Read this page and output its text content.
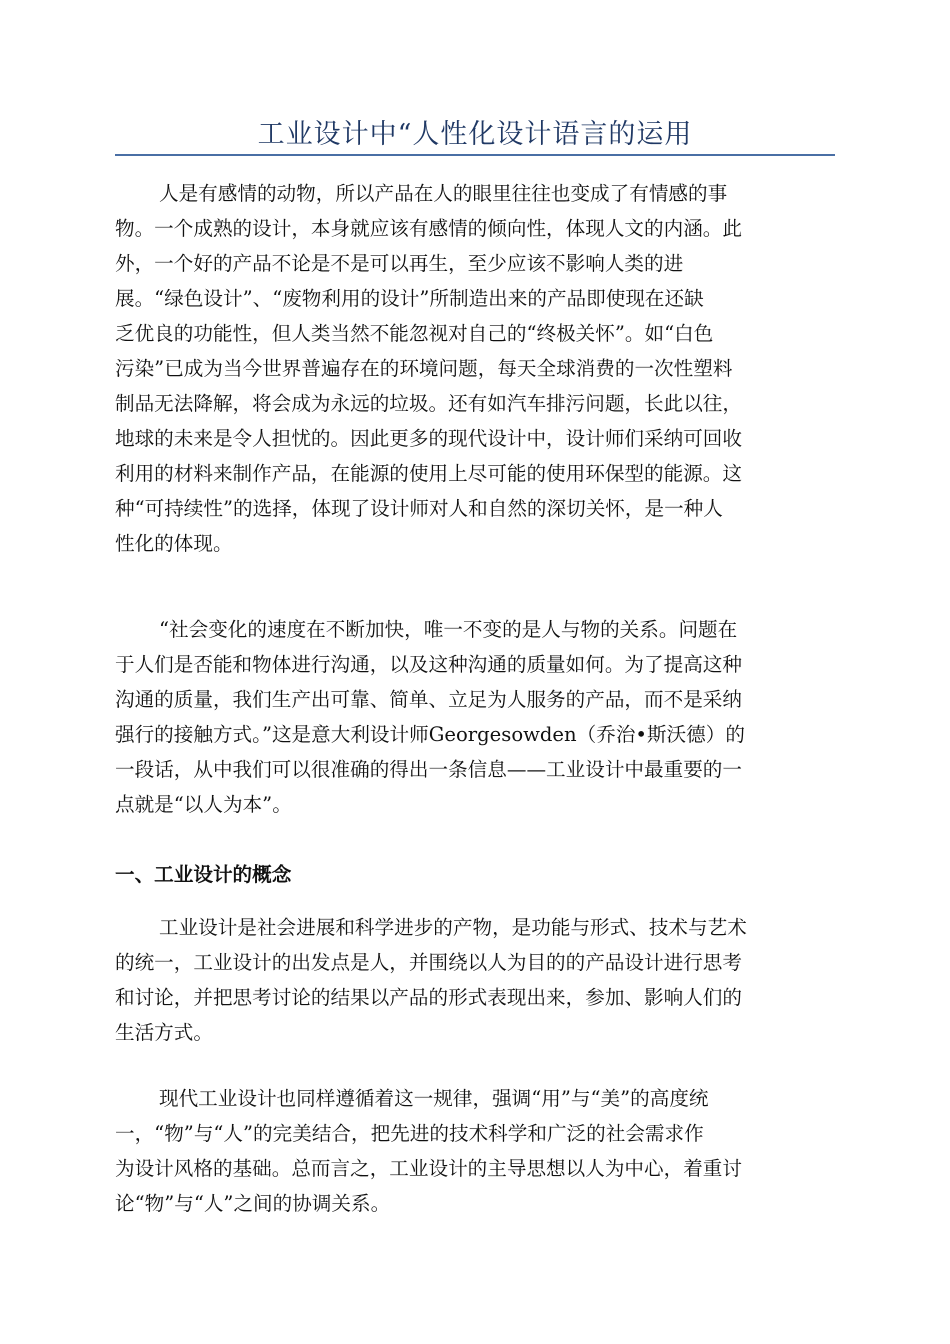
工业设计中“人性化设计语言的运用

人是有感情的动物，所以产品在人的眼里往往也变成了有情感的事
物。一个成熟的设计，本身就应该有感情的倾向性，体现人文的内涵。此
外，一个好的产品不论是不是可以再生，至少应该不影响人类的进
展。“绿色设计”、“废物利用的设计”所制造出来的产品即使现在还缺
乏优良的功能性，但人类当然不能忽视对自己的“终极关怀”。如“白色
污染”已成为当今世界普遍存在的环境问题，每天全球消费的一次性塑料
制品无法降解，将会成为永远的垃圾。还有如汽车排污问题，长此以往，
地球的未来是令人担忧的。因此更多的现代设计中，设计师们采纳可回收
利用的材料来制作产品，在能源的使用上尽可能的使用环保型的能源。这
种“可持续性”的选择，体现了设计师对人和自然的深切关怀，是一种人
性化的体现。

“社会变化的速度在不断加快，唯一不变的是人与物的关系。问题在
于人们是否能和物体进行沟通，以及这种沟通的质量如何。为了提高这种
沟通的质量，我们生产出可靠、简单、立足为人服务的产品，而不是采纳
强行的接触方式。”这是意大利设计师Georgesowden（乔治•斯沃德）的
一段话，从中我们可以很准确的得出一条信息——工业设计中最重要的一
点就是“以人为本”。

一、工业设计的概念

工业设计是社会进展和科学进步的产物，是功能与形式、技术与艺术
的统一，工业设计的出发点是人，并围绕以人为目的的产品设计进行思考
和讨论，并把思考讨论的结果以产品的形式表现出来，参加、影响人们的
生活方式。

现代工业设计也同样遵循着这一规律，强调“用”与“美”的高度统
一，“物”与“人”的完美结合，把先进的技术科学和广泛的社会需求作
为设计风格的基础。总而言之，工业设计的主导思想以人为中心，着重讨
论“物”与“人”之间的协调关系。
